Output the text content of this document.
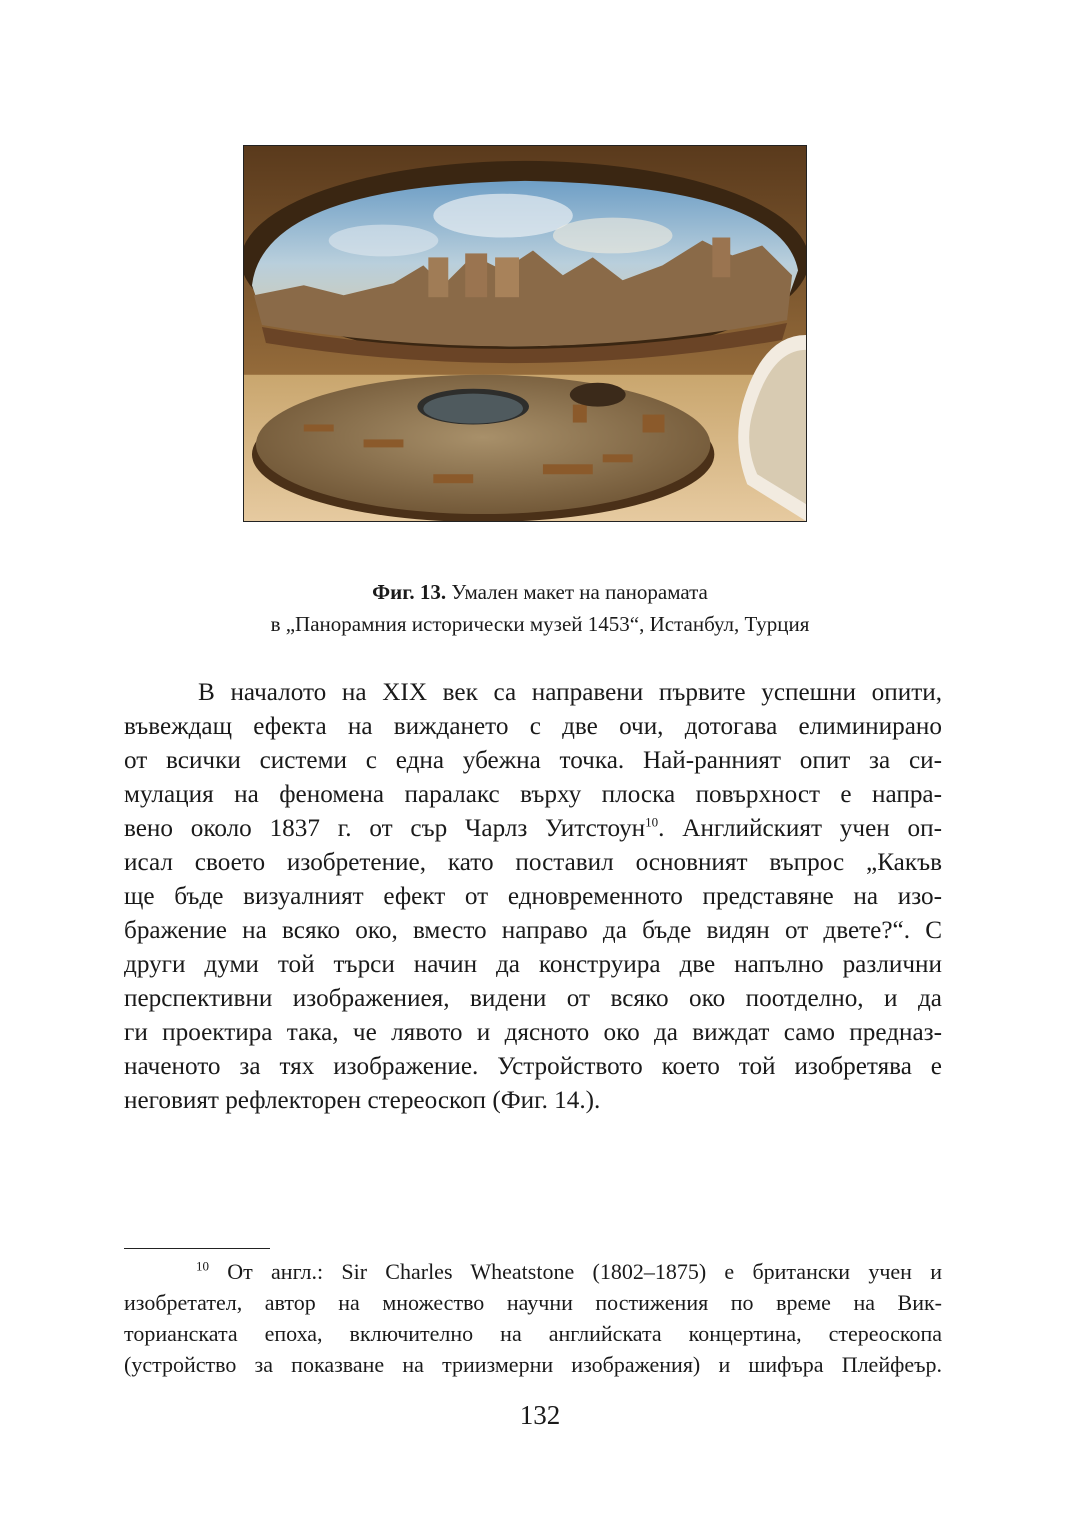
Фиг. 13. Умален макет на панорамата
в „Панорамния исторически музей 1453“, Истанбул, Турция
В началото на XIX век са направени първите успешни опити,
въвеждащ ефекта на виждането с две очи, дотогава елиминирано
от всички системи с една убежна точка. Най-ранният опит за си-
мулация на феномена паралакс върху плоска повърхност е напра-
вено около 1837 г. от сър Чарлз Уитстоун$^{10}$. Английският учен оп-
исал своето изобретение, като поставил основният въпрос „Какъв
ще бъде визуалният ефект от едновременното представяне на изо-
бражение на всяко око, вместо направо да бъде видян от двете?“. С
други думи той търси начин да конструира две напълно различни
перспективни изображениея, видени от всяко око поотделно, и да
ги проектира така, че лявото и дясното око да виждат само предназ-
наченото за тях изображение. Устройството което той изобретява е
неговият рефлекторен стереоскоп (Фиг. 14.).
$^{10}$ От англ.: Sir Charles Wheatstone (1802–1875) е британски учен и
изобретател, автор на множество научни постижения по време на Вик-
торианската епоха, включително на английската концертина, стереоскопа
(устройство за показване на триизмерни изображения) и шифъра Плейфеър.
132
